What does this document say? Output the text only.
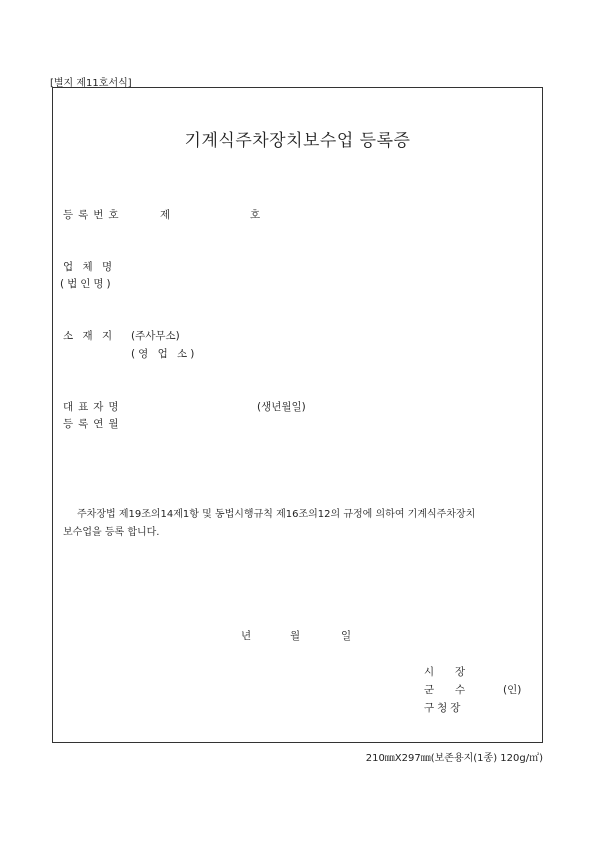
[별지 제11호서식]
기계식주차장치보수업 등록증
등록번호	제	호
업 체 명
(법인명)
소 재 지 (주사무소)
(영 업 소)
대표자명	(생년월일)
등록연월
주차장법 제19조의14제1항 및 동법시행규칙 제16조의12의 규정에 의하여 기계식주차장치
보수업을 등록 합니다.
년	월	일
시 장
군 수	(인)
구청장
210㎜X297㎜(보존용지(1종) 120g/㎡)
